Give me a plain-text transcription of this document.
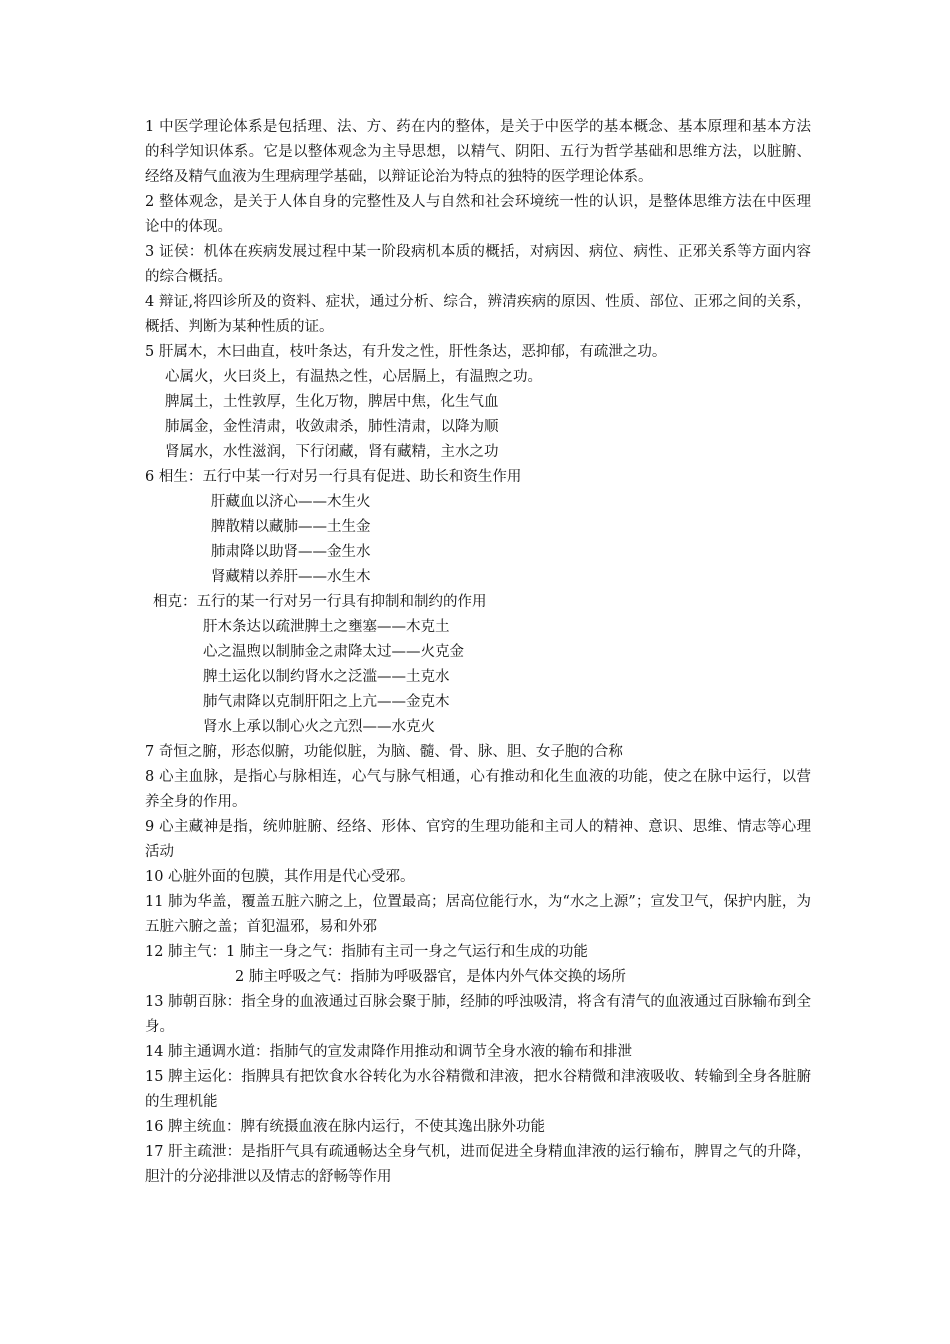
1 中医学理论体系是包括理、法、方、药在内的整体，是关于中医学的基本概念、基本原理和基本方法的科学知识体系。它是以整体观念为主导思想，以精气、阴阳、五行为哲学基础和思维方法，以脏腑、经络及精气血液为生理病理学基础，以辩证论治为特点的独特的医学理论体系。

2 整体观念，是关于人体自身的完整性及人与自然和社会环境统一性的认识，是整体思维方法在中医理论中的体现。

3 证侯：机体在疾病发展过程中某一阶段病机本质的概括，对病因、病位、病性、正邪关系等方面内容的综合概括。

4 辩证,将四诊所及的资料、症状，通过分析、综合，辨清疾病的原因、性质、部位、正邪之间的关系，概括、判断为某种性质的证。

5 肝属木，木曰曲直，枝叶条达，有升发之性，肝性条达，恶抑郁，有疏泄之功。

心属火，火曰炎上，有温热之性，心居膈上，有温煦之功。

脾属土，土性敦厚，生化万物，脾居中焦，化生气血

肺属金，金性清肃，收敛肃杀，肺性清肃，以降为顺

肾属水，水性滋润，下行闭藏，肾有藏精，主水之功

6 相生：五行中某一行对另一行具有促进、助长和资生作用

肝藏血以济心——木生火

脾散精以藏肺——土生金

肺肃降以助肾——金生水

肾藏精以养肝——水生木

相克：五行的某一行对另一行具有抑制和制约的作用

肝木条达以疏泄脾土之壅塞——木克土

心之温煦以制肺金之肃降太过——火克金

脾土运化以制约肾水之泛滥——土克水

肺气肃降以克制肝阳之上亢——金克木

肾水上承以制心火之亢烈——水克火

7 奇恒之腑，形态似腑，功能似脏，为脑、髓、骨、脉、胆、女子胞的合称

8 心主血脉，是指心与脉相连，心气与脉气相通，心有推动和化生血液的功能，使之在脉中运行，以营养全身的作用。

9 心主藏神是指，统帅脏腑、经络、形体、官窍的生理功能和主司人的精神、意识、思维、情志等心理活动

10 心脏外面的包膜，其作用是代心受邪。

11 肺为华盖，覆盖五脏六腑之上，位置最高；居高位能行水，为“水之上源”；宣发卫气，保护内脏，为五脏六腑之盖；首犯温邪，易和外邪

12 肺主气：1 肺主一身之气：指肺有主司一身之气运行和生成的功能

2 肺主呼吸之气：指肺为呼吸器官，是体内外气体交换的场所

13 肺朝百脉：指全身的血液通过百脉会聚于肺，经肺的呼浊吸清，将含有清气的血液通过百脉输布到全身。

14 肺主通调水道：指肺气的宣发肃降作用推动和调节全身水液的输布和排泄

15 脾主运化：指脾具有把饮食水谷转化为水谷精微和津液，把水谷精微和津液吸收、转输到全身各脏腑的生理机能

16 脾主统血：脾有统摄血液在脉内运行，不使其逸出脉外功能

17 肝主疏泄：是指肝气具有疏通畅达全身气机，进而促进全身精血津液的运行输布，脾胃之气的升降，胆汁的分泌排泄以及情志的舒畅等作用
